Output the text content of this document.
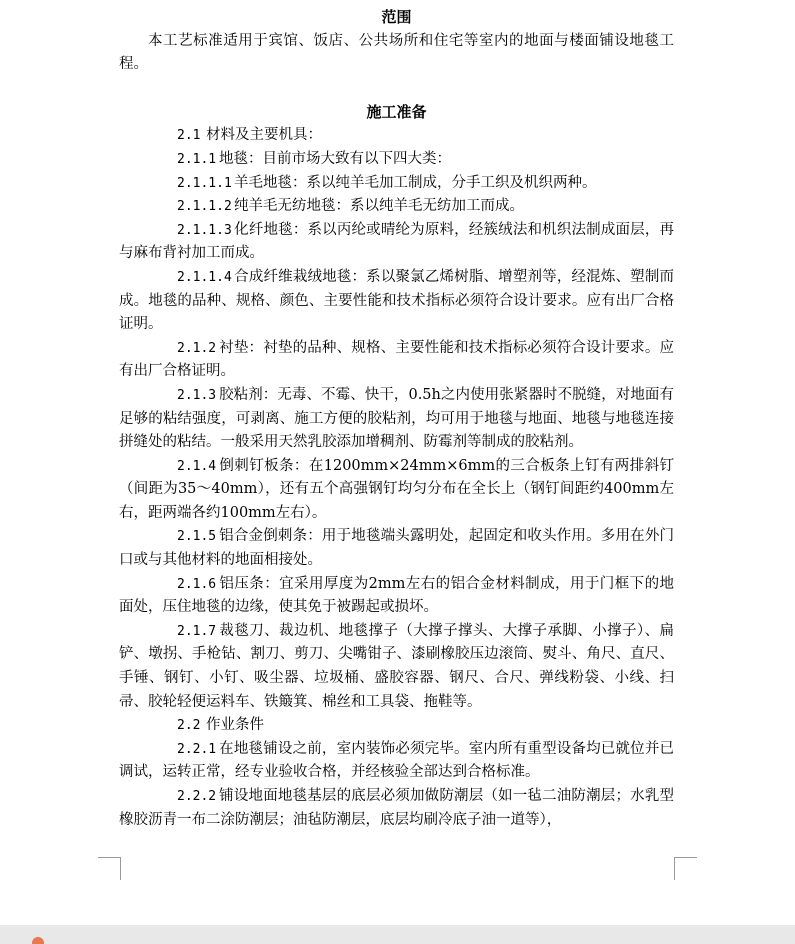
范围

本工艺标准适用于宾馆、饭店、公共场所和住宅等室内的地面与楼面铺设地毯工程。

施工准备

2.1 材料及主要机具：

2.1.1 地毯：目前市场大致有以下四大类：

2.1.1.1 羊毛地毯：系以纯羊毛加工制成，分手工织及机织两种。

2.1.1.2 纯羊毛无纺地毯：系以纯羊毛无纺加工而成。

2.1.1.3 化纤地毯：系以丙纶或晴纶为原料，经簇绒法和机织法制成面层，再与麻布背衬加工而成。

2.1.1.4 合成纤维栽绒地毯：系以聚氯乙烯树脂、增塑剂等，经混炼、塑制而成。地毯的品种、规格、颜色、主要性能和技术指标必须符合设计要求。应有出厂合格证明。

2.1.2 衬垫：衬垫的品种、规格、主要性能和技术指标必须符合设计要求。应有出厂合格证明。

2.1.3 胶粘剂：无毒、不霉、快干，0.5h之内使用张紧器时不脱缝，对地面有足够的粘结强度，可剥离、施工方便的胶粘剂，均可用于地毯与地面、地毯与地毯连接拼缝处的粘结。一般采用天然乳胶添加增稠剂、防霉剂等制成的胶粘剂。

2.1.4 倒刺钉板条：在1200mm×24mm×6mm的三合板条上钉有两排斜钉（间距为35～40mm），还有五个高强钢钉均匀分布在全长上（钢钉间距约400mm左右，距两端各约100mm左右）。

2.1.5 铝合金倒刺条：用于地毯端头露明处，起固定和收头作用。多用在外门口或与其他材料的地面相接处。

2.1.6 铝压条：宜采用厚度为2mm左右的铝合金材料制成，用于门框下的地面处，压住地毯的边缘，使其免于被踢起或损坏。

2.1.7 裁毯刀、裁边机、地毯撑子（大撑子撑头、大撑子承脚、小撑子）、扁铲、墩拐、手枪钻、割刀、剪刀、尖嘴钳子、漆刷橡胶压边滚筒、熨斗、角尺、直尺、手锤、钢钉、小钉、吸尘器、垃圾桶、盛胶容器、钢尺、合尺、弹线粉袋、小线、扫帚、胶轮轻便运料车、铁簸箕、棉丝和工具袋、拖鞋等。

2.2 作业条件

2.2.1 在地毯铺设之前，室内装饰必须完毕。室内所有重型设备均已就位并已调试，运转正常，经专业验收合格，并经核验全部达到合格标准。

2.2.2 铺设地面地毯基层的底层必须加做防潮层（如一毡二油防潮层；水乳型橡胶沥青一布二涂防潮层；油毡防潮层，底层均刷冷底子油一道等），
